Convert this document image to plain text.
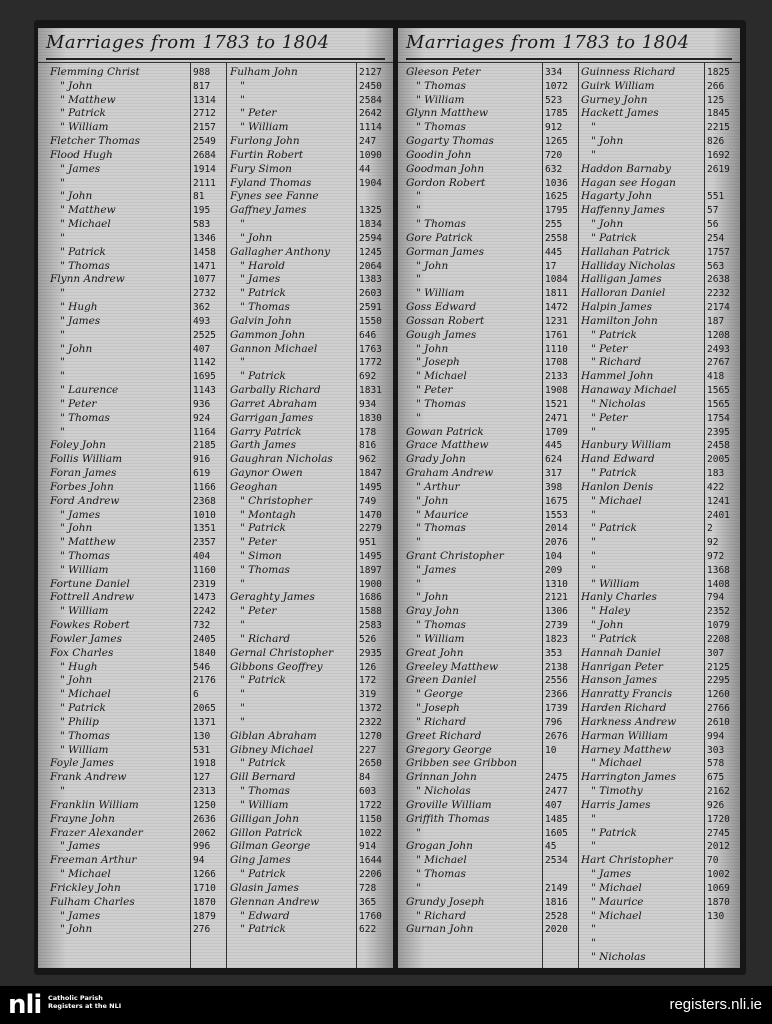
Marriages from 1783 to 1804
Flemming Christ
" John
" Matthew
" Patrick
" William
Fletcher Thomas
Flood Hugh
" James
"
" John
" Matthew
" Michael
"
" Patrick
" Thomas
Flynn Andrew
"
" Hugh
" James
"
" John
"
"
" Laurence
" Peter
" Thomas
"
Foley John
Follis William
Foran James
Forbes John
Ford Andrew
" James
" John
" Matthew
" Thomas
" William
Fortune Daniel
Fottrell Andrew
" William
Fowkes Robert
Fowler James
Fox Charles
" Hugh
" John
" Michael
" Patrick
" Philip
" Thomas
" William
Foyle James
Frank Andrew
"
Franklin William
Frayne John
Frazer Alexander
" James
Freeman Arthur
" Michael
Frickley John
Fulham Charles
" James
" John
988
817
1314
2712
2157
2549
2684
1914
2111
81
195
583
1346
1458
1471
1077
2732
362
493
2525
407
1142
1695
1143
936
924
1164
2185
916
619
1166
2368
1010
1351
2357
404
1160
2319
1473
2242
732
2405
1840
546
2176
6
2065
1371
130
531
1918
127
2313
1250
2636
2062
996
94
1266
1710
1870
1879
276
Fulham John
"
"
" Peter
" William
Furlong John
Furtin Robert
Fury Simon
Fyland Thomas
Fynes see Fanne
Gaffney James
"
" John
Gallagher Anthony
" Harold
" James
" Patrick
" Thomas
Galvin John
Gammon John
Gannon Michael
"
" Patrick
Garbally Richard
Garret Abraham
Garrigan James
Garry Patrick
Garth James
Gaughran Nicholas
Gaynor Owen
Geoghan
" Christopher
" Montagh
" Patrick
" Peter
" Simon
" Thomas
"
Geraghty James
" Peter
"
" Richard
Gernal Christopher
Gibbons Geoffrey
" Patrick
"
"
"
Giblan Abraham
Gibney Michael
" Patrick
Gill Bernard
" Thomas
" William
Gilligan John
Gillon Patrick
Gilman George
Ging James
" Patrick
Glasin James
Glennan Andrew
" Edward
" Patrick
2127
2450
2584
2642
1114
247
1090
44
1904
1325
1834
2594
1245
2064
1383
2603
2591
1550
646
1763
1772
692
1831
934
1830
178
816
962
1847
1495
749
1470
2279
951
1495
1897
1900
1686
1588
2583
526
2935
126
172
319
1372
2322
1270
227
2650
84
603
1722
1150
1022
914
1644
2206
728
365
1760
622
Marriages from 1783 to 1804
Gleeson Peter
" Thomas
" William
Glynn Matthew
" Thomas
Gogarty Thomas
Goodin John
Goodman John
Gordon Robert
"
"
" Thomas
Gore Patrick
Gorman James
" John
"
" William
Goss Edward
Gossan Robert
Gough James
" John
" Joseph
" Michael
" Peter
" Thomas
"
Gowan Patrick
Grace Matthew
Grady John
Graham Andrew
" Arthur
" John
" Maurice
" Thomas
"
Grant Christopher
" James
"
" John
Gray John
" Thomas
" William
Great John
Greeley Matthew
Green Daniel
" George
" Joseph
" Richard
Greet Richard
Gregory George
Gribben see Gribbon
Grinnan John
" Nicholas
Groville William
Griffith Thomas
"
Grogan John
" Michael
" Thomas
"
Grundy Joseph
" Richard
Gurnan John
334
1072
523
1785
912
1265
720
632
1036
1625
1795
255
2558
445
17
1084
1811
1472
1231
1761
1110
1708
2133
1908
1521
2471
1709
445
624
317
398
1675
1553
2014
2076
104
209
1310
2121
1306
2739
1823
353
2138
2556
2366
1739
796
2676
10
2475
2477
407
1485
1605
45
2534
2149
1816
2528
2020
Guinness Richard
Guirk William
Gurney John
Hackett James
"
" John
"
Haddon Barnaby
Hagan see Hogan
Hagarty John
Haffenny James
" John
" Patrick
Hallahan Patrick
Halliday Nicholas
Halligan James
Halloran Daniel
Halpin James
Hamilton John
" Patrick
" Peter
" Richard
Hammel John
Hanaway Michael
" Nicholas
" Peter
"
Hanbury William
Hand Edward
" Patrick
Hanlon Denis
" Michael
"
" Patrick
"
"
"
" William
Hanly Charles
" Haley
" John
" Patrick
Hannah Daniel
Hanrigan Peter
Hanson James
Hanratty Francis
Harden Richard
Harkness Andrew
Harman William
Harney Matthew
" Michael
Harrington James
" Timothy
Harris James
"
" Patrick
"
Hart Christopher
" James
" Michael
" Maurice
" Michael
"
"
" Nicholas
1825
266
125
1845
2215
826
1692
2619
551
57
56
254
1757
563
2638
2232
2174
187
1208
2493
2767
418
1565
1565
1754
2395
2458
2005
183
422
1241
2401
2
92
972
1368
1408
794
2352
1079
2208
307
2125
2295
1260
2766
2610
994
303
578
675
2162
926
1720
2745
2012
70
1002
1069
1870
130
nli Catholic Parish Registers at the NLI	registers.nli.ie
